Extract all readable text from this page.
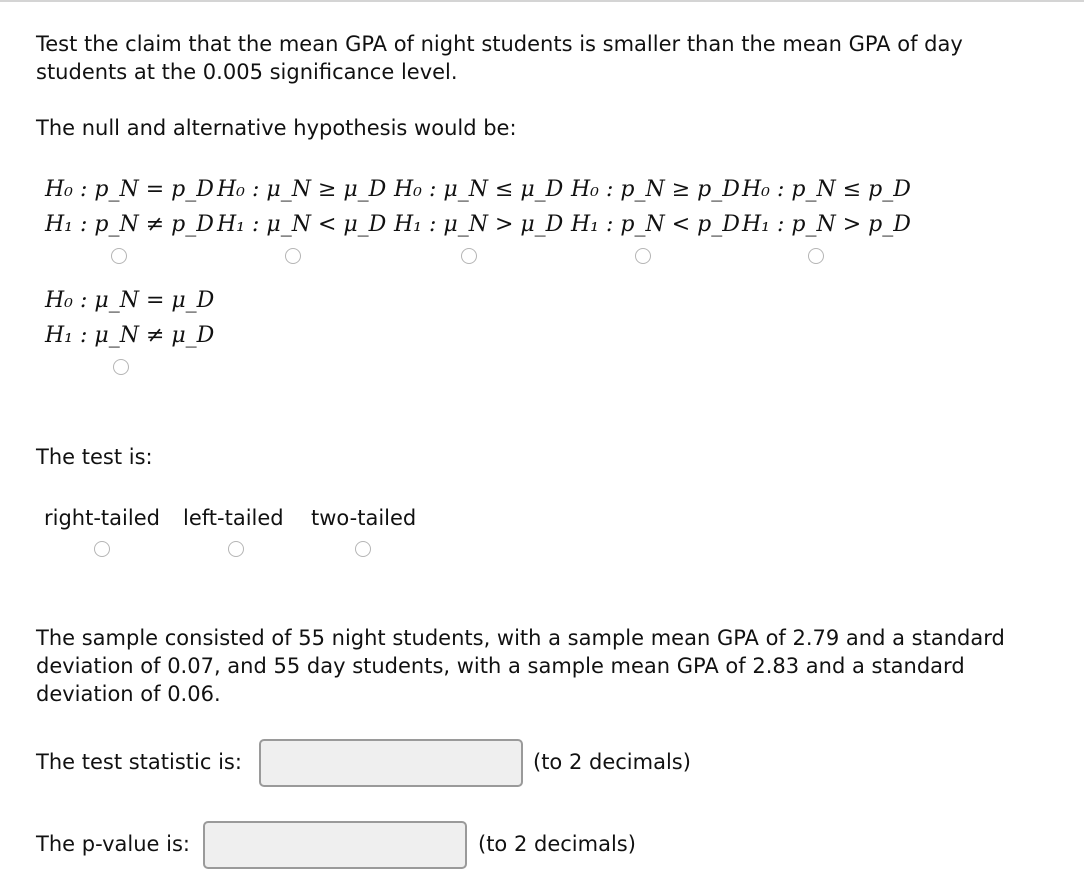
Test the claim that the mean GPA of night students is smaller than the mean GPA of day
students at the 0.005 significance level.
The null and alternative hypothesis would be:
H₀ : p_N = p_D
H₁ : p_N ≠ p_D
H₀ : μ_N ≥ μ_D
H₁ : μ_N < μ_D
H₀ : μ_N ≤ μ_D
H₁ : μ_N > μ_D
H₀ : p_N ≥ p_D
H₁ : p_N < p_D
H₀ : p_N ≤ p_D
H₁ : p_N > p_D
H₀ : μ_N = μ_D
H₁ : μ_N ≠ μ_D
The test is:
right-tailed left-tailed two-tailed
The sample consisted of 55 night students, with a sample mean GPA of 2.79 and a standard
deviation of 0.07, and 55 day students, with a sample mean GPA of 2.83 and a standard
deviation of 0.06.
The test statistic is:	(to 2 decimals)
The p-value is:	(to 2 decimals)
